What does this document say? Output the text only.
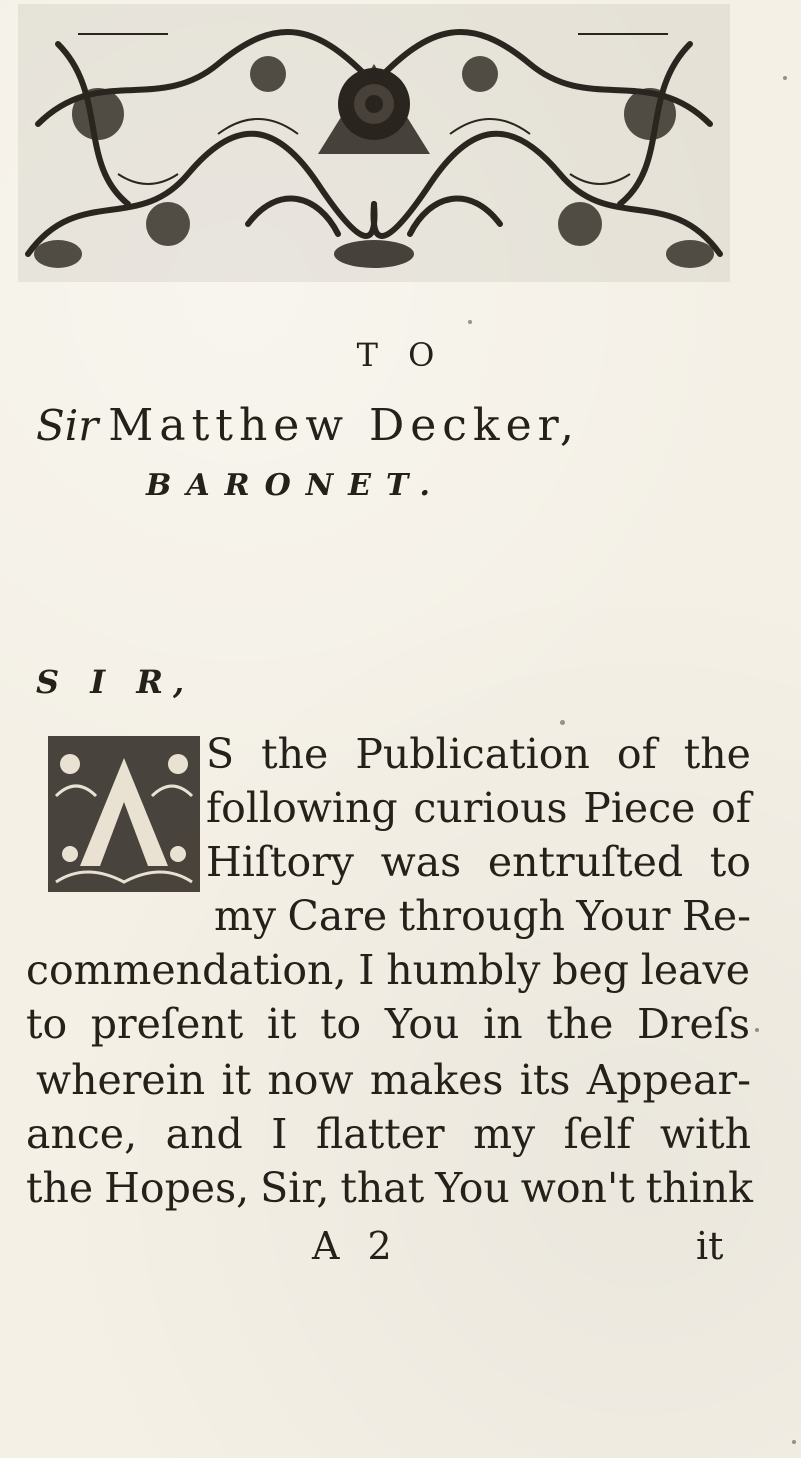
T O
Sir Matthew Decker,
BARONET.
S I R,
S the Publication of the
following curious Piece of
Hiſtory was entruſted to
my Care through Your Re-
commendation, I humbly beg leave
to preſent it to You in the Dreſs
wherein it now makes its Appear-
ance, and I flatter my ſelf with
the Hopes, Sir, that You won't think
A 2	it
